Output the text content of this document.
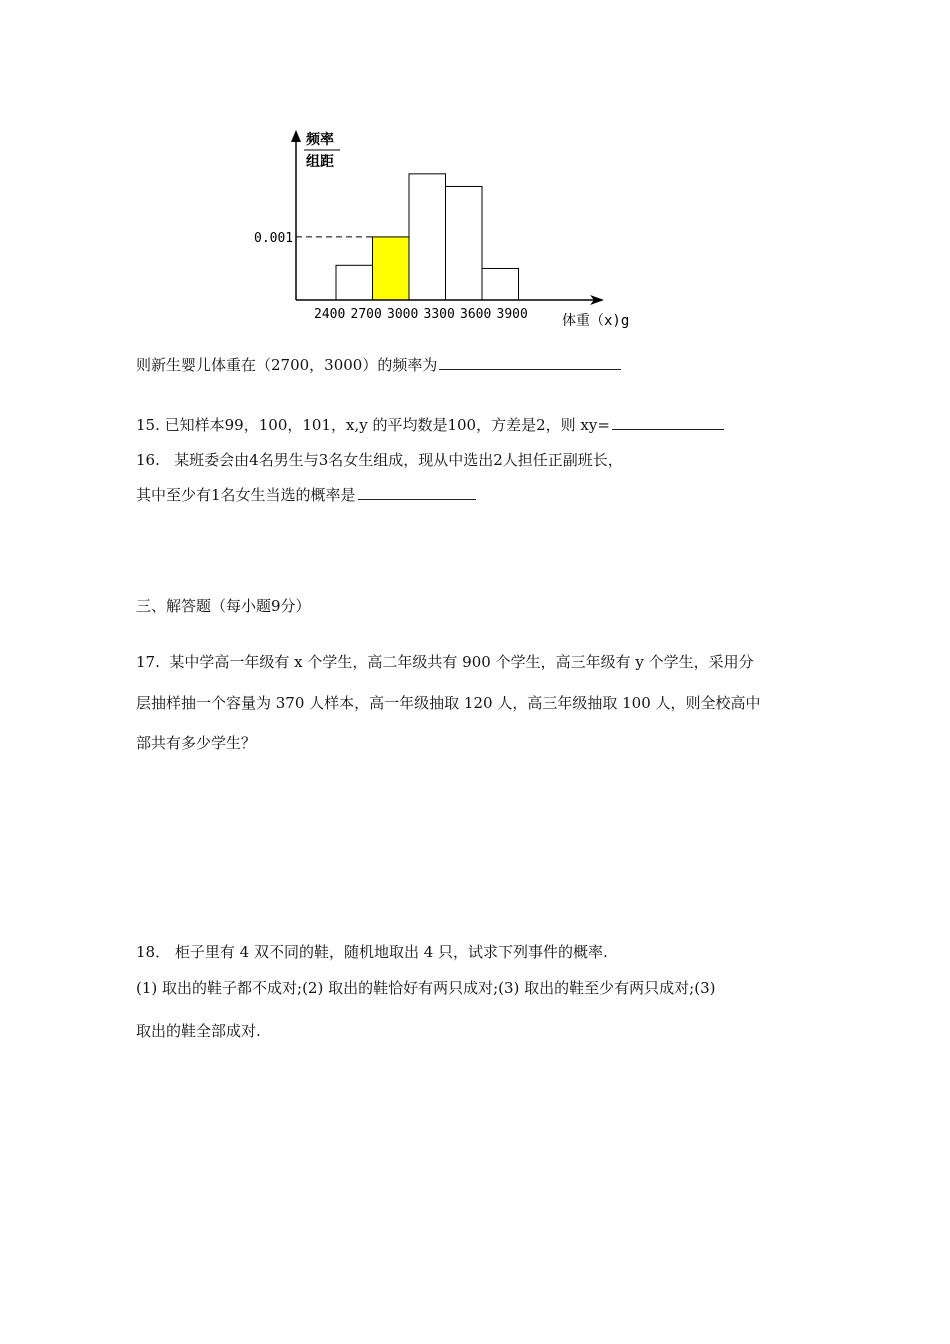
频率
组距
0.001
2400 2700 3000 3300 3600 3900 体重（x)g
则新生婴儿体重在（2700，3000）的频率为
15. 已知样本99，100，101，x,y 的平均数是100，方差是2，则 xy=
16. 某班委会由4名男生与3名女生组成，现从中选出2人担任正副班长，
其中至少有1名女生当选的概率是
三、解答题（每小题9分）
17. 某中学高一年级有 x 个学生，高二年级共有 900 个学生，高三年级有 y 个学生，采用分
层抽样抽一个容量为 370 人样本，高一年级抽取 120 人，高三年级抽取 100 人，则全校高中
部共有多少学生？
18． 柜子里有 4 双不同的鞋，随机地取出 4 只，试求下列事件的概率.
(1) 取出的鞋子都不成对;(2) 取出的鞋恰好有两只成对;(3) 取出的鞋至少有两只成对;(3)
取出的鞋全部成对.
